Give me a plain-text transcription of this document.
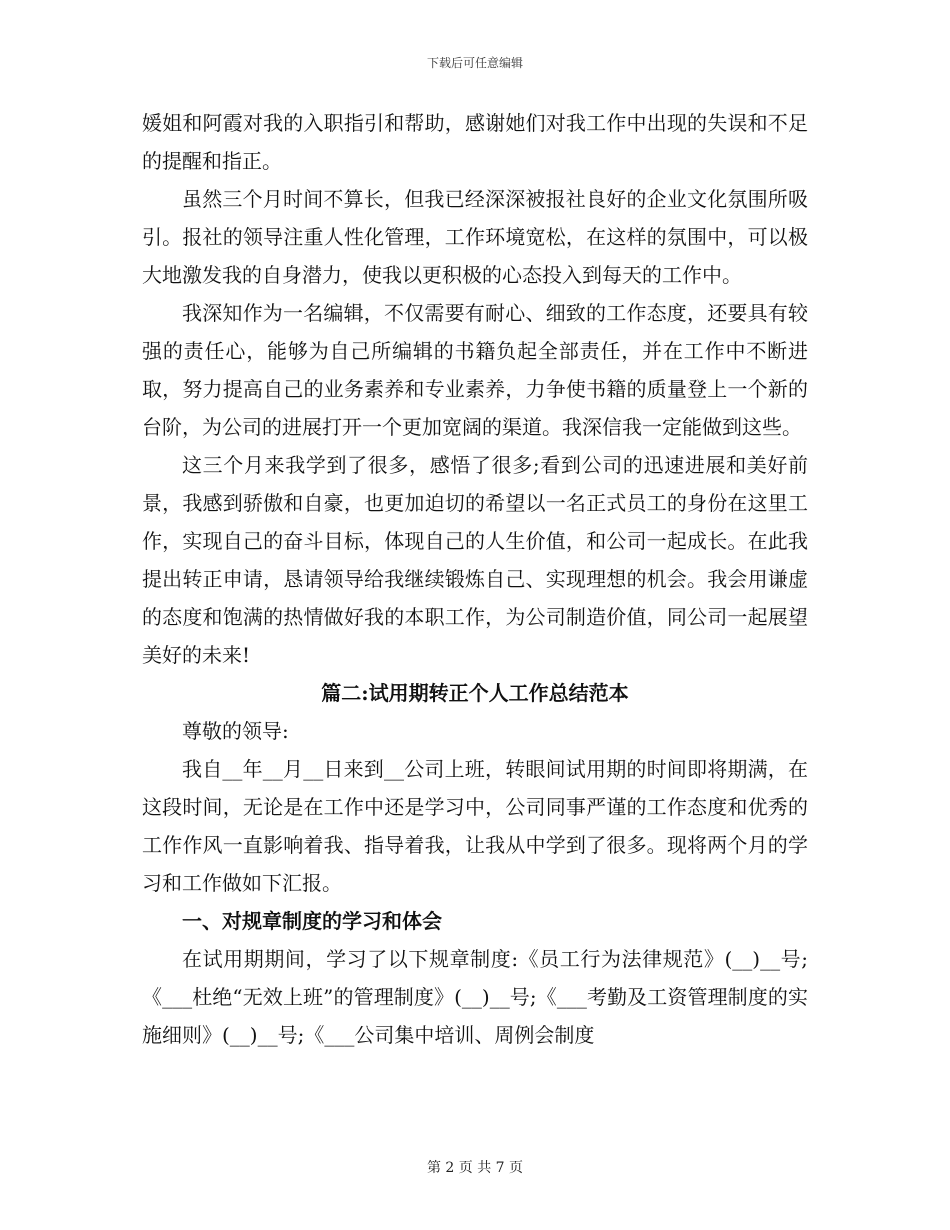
下载后可任意编辑

媛姐和阿霞对我的入职指引和帮助，感谢她们对我工作中出现的失误和不足的提醒和指正。

虽然三个月时间不算长，但我已经深深被报社良好的企业文化氛围所吸引。报社的领导注重人性化管理，工作环境宽松，在这样的氛围中，可以极大地激发我的自身潜力，使我以更积极的心态投入到每天的工作中。

我深知作为一名编辑，不仅需要有耐心、细致的工作态度，还要具有较强的责任心，能够为自己所编辑的书籍负起全部责任，并在工作中不断进取，努力提高自己的业务素养和专业素养，力争使书籍的质量登上一个新的台阶，为公司的进展打开一个更加宽阔的渠道。我深信我一定能做到这些。

这三个月来我学到了很多，感悟了很多;看到公司的迅速进展和美好前景，我感到骄傲和自豪，也更加迫切的希望以一名正式员工的身份在这里工作，实现自己的奋斗目标，体现自己的人生价值，和公司一起成长。在此我提出转正申请，恳请领导给我继续锻炼自己、实现理想的机会。我会用谦虚的态度和饱满的热情做好我的本职工作，为公司制造价值，同公司一起展望美好的未来!

篇二:试用期转正个人工作总结范本

尊敬的领导:

我自__年__月__日来到__公司上班，转眼间试用期的时间即将期满，在这段时间，无论是在工作中还是学习中，公司同事严谨的工作态度和优秀的工作作风一直影响着我、指导着我，让我从中学到了很多。现将两个月的学习和工作做如下汇报。

一、对规章制度的学习和体会

在试用期期间，学习了以下规章制度:《员工行为法律规范》(__)__号;《___杜绝“无效上班”的管理制度》(__)__号;《___考勤及工资管理制度的实施细则》(__)__号;《___公司集中培训、周例会制度

第 2 页 共 7 页
